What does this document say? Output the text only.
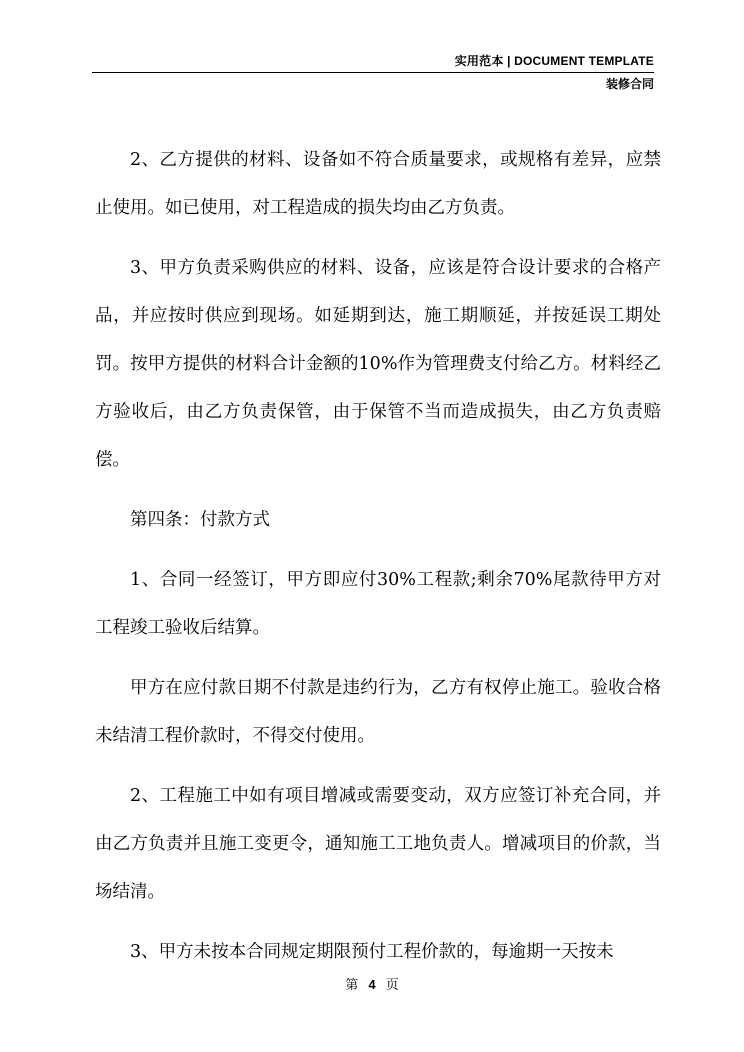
实用范本 | DOCUMENT TEMPLATE
装修合同

2、乙方提供的材料、设备如不符合质量要求，或规格有差异，应禁止使用。如已使用，对工程造成的损失均由乙方负责。

3、甲方负责采购供应的材料、设备，应该是符合设计要求的合格产品，并应按时供应到现场。如延期到达，施工期顺延，并按延误工期处罚。按甲方提供的材料合计金额的10%作为管理费支付给乙方。材料经乙方验收后，由乙方负责保管，由于保管不当而造成损失，由乙方负责赔偿。

第四条：付款方式

1、合同一经签订，甲方即应付30%工程款;剩余70%尾款待甲方对工程竣工验收后结算。

甲方在应付款日期不付款是违约行为，乙方有权停止施工。验收合格未结清工程价款时，不得交付使用。

2、工程施工中如有项目增减或需要变动，双方应签订补充合同，并由乙方负责并且施工变更令，通知施工工地负责人。增减项目的价款，当场结清。

3、甲方未按本合同规定期限预付工程价款的，每逾期一天按未

第 4 页
